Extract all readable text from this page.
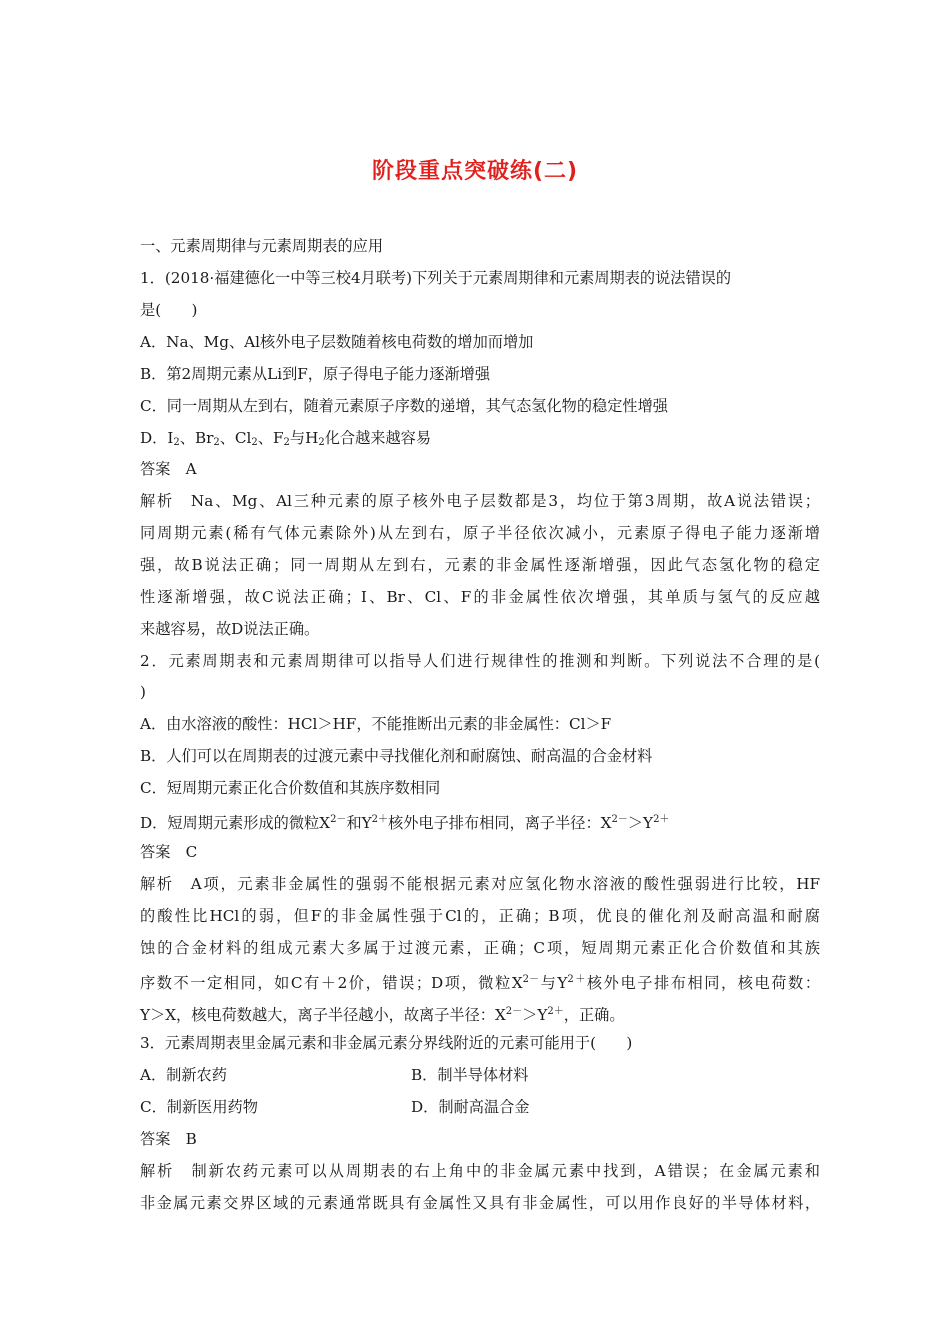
阶段重点突破练(二)
一、元素周期律与元素周期表的应用
1．(2018·福建德化一中等三校4月联考)下列关于元素周期律和元素周期表的说法错误的
是(　　)
A．Na、Mg、Al核外电子层数随着核电荷数的增加而增加
B．第2周期元素从Li到F，原子得电子能力逐渐增强
C．同一周期从左到右，随着元素原子序数的递增，其气态氢化物的稳定性增强
D．$I_2$、$Br_2$、$Cl_2$、$F_2$与$H_2$化合越来越容易
答案　A
解析　Na、Mg、Al三种元素的原子核外电子层数都是3，均位于第3周期，故A说法错误；
同周期元素(稀有气体元素除外)从左到右，原子半径依次减小，元素原子得电子能力逐渐增
强，故B说法正确；同一周期从左到右，元素的非金属性逐渐增强，因此气态氢化物的稳定
性逐渐增强，故C说法正确；I、Br、Cl、F的非金属性依次增强，其单质与氢气的反应越
来越容易，故D说法正确。
2．元素周期表和元素周期律可以指导人们进行规律性的推测和判断。下列说法不合理的是(
)
A．由水溶液的酸性：HCl＞HF，不能推断出元素的非金属性：Cl＞F
B．人们可以在周期表的过渡元素中寻找催化剂和耐腐蚀、耐高温的合金材料
C．短周期元素正化合价数值和其族序数相同
D．短周期元素形成的微粒$X^{2-}$和$Y^{2+}$核外电子排布相同，离子半径：$X^{2-}>Y^{2+}$
答案　C
解析　A项，元素非金属性的强弱不能根据元素对应氢化物水溶液的酸性强弱进行比较，HF
的酸性比HCl的弱，但F的非金属性强于Cl的，正确；B项，优良的催化剂及耐高温和耐腐
蚀的合金材料的组成元素大多属于过渡元素，正确；C项，短周期元素正化合价数值和其族
序数不一定相同，如C有＋2价，错误；D项，微粒$X^{2-}$与$Y^{2+}$核外电子排布相同，核电荷数：
Y＞X，核电荷数越大，离子半径越小，故离子半径：$X^{2-}>Y^{2+}$，正确。
3．元素周期表里金属元素和非金属元素分界线附近的元素可能用于(　　)
A．制新农药	B．制半导体材料
C．制新医用药物	D．制耐高温合金
答案　B
解析　制新农药元素可以从周期表的右上角中的非金属元素中找到，A错误；在金属元素和
非金属元素交界区域的元素通常既具有金属性又具有非金属性，可以用作良好的半导体材料，
